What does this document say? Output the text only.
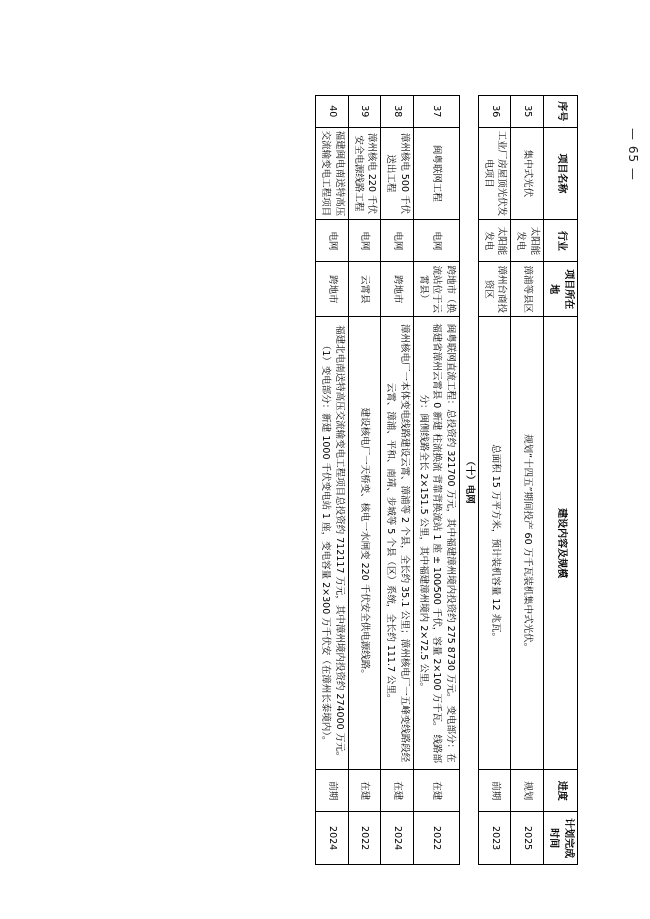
— 65 —
序号	项目名称	行业	项目所在地	建设内容及规模	进度	计划完成时间
35	集中式光伏	太阳能发电	漳浦等县区	规划“十四五”期间投产 60 万千瓦装机集中式光伏。	规划	2025
36	工业厂房屋顶光伏发电项目	太阳能发电	漳州台商投资区	总面积 15 万平方米，预计装机容量 12 兆瓦。	前期	2023
（十）电网						
37	闽粤联网工程	电网	跨地市（换流站位于云霄县）	闽粤联网直流工程：总投资约 321700 万元，其中福建漳州境内投资约 275 8730 万元。 变电部分：在福建省漳州云霄县 0 新建 柱流换流 背靠背换流站 1 座 ± 100⁄500 千伏，容量 2×100 万千瓦。 线路部分：闽侧线路全长 2×151.5 公里，其中福建漳州境内 2×72.5 公里。	在建	2022
38	漳州核电 500 千伏送出工程	电网	跨地市	漳州核电厂一本体变电线路建设云霄、漳浦等 2 个县，全长约 35.1 公里；漳州核电厂一五峰变线路段经云霄、漳浦、平和、南靖、步城等 5 个县（区）系统，全长约 111.7 公里。	在建	2024
39	漳州核电 220 千伏安全电源线路工程	电网	云霄县	建设核电厂一天桥变、核电一水闸变 220 千伏安全供电源线路。	在建	2022
40	福建闽电南送特高压交流输变电工程项目	电网	跨地市	福建北电南送特高压交流输变电工程项目总投资约 712117 万元，其中漳州境内投资约 274000 万元。 （1）变电部分：新建 1000 千伏变电站 1 座，变电容量 2×300 万千伏安（在漳州长泰境内）。	前期	2024
